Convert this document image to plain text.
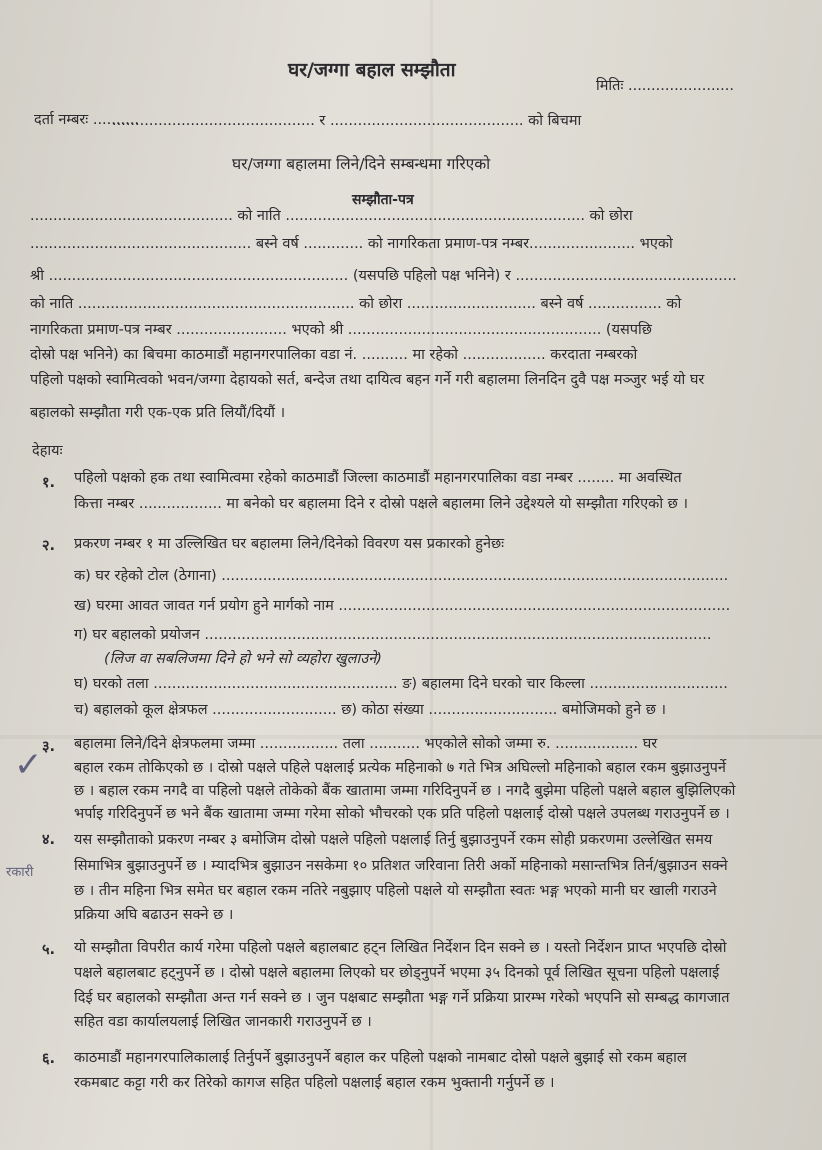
घर/जग्गा बहाल सम्झौता
मितिः .......................
दर्ता नम्बरः ..........
............................................ र .......................................... को बिचमा
घर/जग्गा बहालमा लिने/दिने सम्बन्धमा गरिएको
सम्झौता-पत्र
............................................ को नाति ................................................................. को छोरा
................................................ बस्ने वर्ष ............. को नागरिकता प्रमाण-पत्र नम्बर....................... भएको
श्री ................................................................. (यसपछि पहिलो पक्ष भनिने) र ................................................
को नाति ............................................................ को छोरा ............................ बस्ने वर्ष ................ को
नागरिकता प्रमाण-पत्र नम्बर ........................ भएको श्री ....................................................... (यसपछि
दोस्रो पक्ष भनिने) का बिचमा काठमाडौं महानगरपालिका वडा नं. .......... मा रहेको .................. करदाता नम्बरको
पहिलो पक्षको स्वामित्वको भवन/जग्गा देहायको सर्त, बन्देज तथा दायित्व बहन गर्ने गरी बहालमा लिनदिन दुवै पक्ष मञ्जुर भई यो घर
बहालको सम्झौता गरी एक-एक प्रति लियौं/दियौं ।
देहायः
१. पहिलो पक्षको हक तथा स्वामित्वमा रहेको काठमाडौं जिल्ला काठमाडौं महानगरपालिका वडा नम्बर ........ मा अवस्थित
कित्ता नम्बर .................. मा बनेको घर बहालमा दिने र दोस्रो पक्षले बहालमा लिने उद्देश्यले यो सम्झौता गरिएको छ ।
२. प्रकरण नम्बर १ मा उल्लिखित घर बहालमा लिने/दिनेको विवरण यस प्रकारको हुनेछः
क) घर रहेको टोल (ठेगाना) ..............................................................................................................
ख) घरमा आवत जावत गर्न प्रयोग हुने मार्गको नाम .....................................................................................
ग) घर बहालको प्रयोजन ..............................................................................................................
(लिज वा सबलिजमा दिने हो भने सो व्यहोरा खुलाउने)
घ) घरको तला ..................................................... ङ) बहालमा दिने घरको चार किल्ला ..............................
च) बहालको कूल क्षेत्रफल ........................... छ) कोठा संख्या ............................ बमोजिमको हुने छ ।
३. बहालमा लिने/दिने क्षेत्रफलमा जम्मा ................. तला ........... भएकोले सोको जम्मा रु. .................. घर
बहाल रकम तोकिएको छ । दोस्रो पक्षले पहिले पक्षलाई प्रत्येक महिनाको ७ गते भित्र अघिल्लो महिनाको बहाल रकम बुझाउनुपर्ने
छ । बहाल रकम नगदै वा पहिलो पक्षले तोकेको बैंक खातामा जम्मा गरिदिनुपर्ने छ । नगदै बुझेमा पहिलो पक्षले बहाल बुझिलिएको
भर्पाइ गरिदिनुपर्ने छ भने बैंक खातामा जम्मा गरेमा सोको भौचरको एक प्रति पहिलो पक्षलाई दोस्रो पक्षले उपलब्ध गराउनुपर्ने छ ।
४. यस सम्झौताको प्रकरण नम्बर ३ बमोजिम दोस्रो पक्षले पहिलो पक्षलाई तिर्नु बुझाउनुपर्ने रकम सोही प्रकरणमा उल्लेखित समय
सिमाभित्र बुझाउनुपर्ने छ । म्यादभित्र बुझाउन नसकेमा १० प्रतिशत जरिवाना तिरी अर्को महिनाको मसान्तभित्र तिर्न/बुझाउन सक्ने
छ । तीन महिना भित्र समेत घर बहाल रकम नतिरे नबुझाए पहिलो पक्षले यो सम्झौता स्वतः भङ्ग भएको मानी घर खाली गराउने
प्रक्रिया अघि बढाउन सक्ने छ ।
५. यो सम्झौता विपरीत कार्य गरेमा पहिलो पक्षले बहालबाट हट्न लिखित निर्देशन दिन सक्ने छ । यस्तो निर्देशन प्राप्त भएपछि दोस्रो
पक्षले बहालबाट हट्नुपर्ने छ । दोस्रो पक्षले बहालमा लिएको घर छोड्नुपर्ने भएमा ३५ दिनको पूर्व लिखित सूचना पहिलो पक्षलाई
दिई घर बहालको सम्झौता अन्त गर्न सक्ने छ । जुन पक्षबाट सम्झौता भङ्ग गर्ने प्रक्रिया प्रारम्भ गरेको भएपनि सो सम्बद्ध कागजात
सहित वडा कार्यालयलाई लिखित जानकारी गराउनुपर्ने छ ।
६. काठमाडौं महानगरपालिकालाई तिर्नुपर्ने बुझाउनुपर्ने बहाल कर पहिलो पक्षको नामबाट दोस्रो पक्षले बुझाई सो रकम बहाल
रकमबाट कट्टा गरी कर तिरेको कागज सहित पहिलो पक्षलाई बहाल रकम भुक्तानी गर्नुपर्ने छ ।
✓
रकारी
